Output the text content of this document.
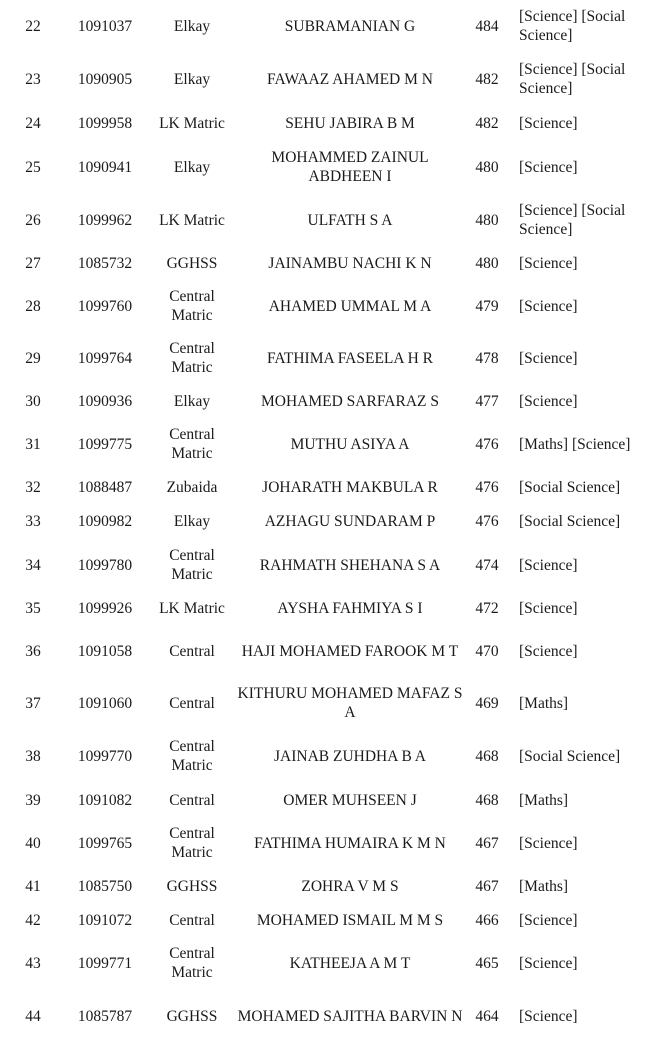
22	1091037	Elkay	SUBRAMANIAN G	484	[Science] [Social Science]
23	1090905	Elkay	FAWAAZ AHAMED M N	482	[Science] [Social Science]
24	1099958	LK Matric	SEHU JABIRA B M	482	[Science]
25	1090941	Elkay	MOHAMMED ZAINUL ABDHEEN I	480	[Science]
26	1099962	LK Matric	ULFATH S A	480	[Science] [Social Science]
27	1085732	GGHSS	JAINAMBU NACHI K N	480	[Science]
28	1099760	Central Matric	AHAMED UMMAL M A	479	[Science]
29	1099764	Central Matric	FATHIMA FASEELA H R	478	[Science]
30	1090936	Elkay	MOHAMED SARFARAZ S	477	[Science]
31	1099775	Central Matric	MUTHU ASIYA A	476	[Maths] [Science]
32	1088487	Zubaida	JOHARATH MAKBULA R	476	[Social Science]
33	1090982	Elkay	AZHAGU SUNDARAM P	476	[Social Science]
34	1099780	Central Matric	RAHMATH SHEHANA S A	474	[Science]
35	1099926	LK Matric	AYSHA FAHMIYA S I	472	[Science]
36	1091058	Central	HAJI MOHAMED FAROOK M T	470	[Science]
37	1091060	Central	KITHURU MOHAMED MAFAZ S A	469	[Maths]
38	1099770	Central Matric	JAINAB ZUHDHA B A	468	[Social Science]
39	1091082	Central	OMER MUHSEEN J	468	[Maths]
40	1099765	Central Matric	FATHIMA HUMAIRA K M N	467	[Science]
41	1085750	GGHSS	ZOHRA V M S	467	[Maths]
42	1091072	Central	MOHAMED ISMAIL M M S	466	[Science]
43	1099771	Central Matric	KATHEEJA A M T	465	[Science]
44	1085787	GGHSS	MOHAMED SAJITHA BARVIN N	464	[Science]
